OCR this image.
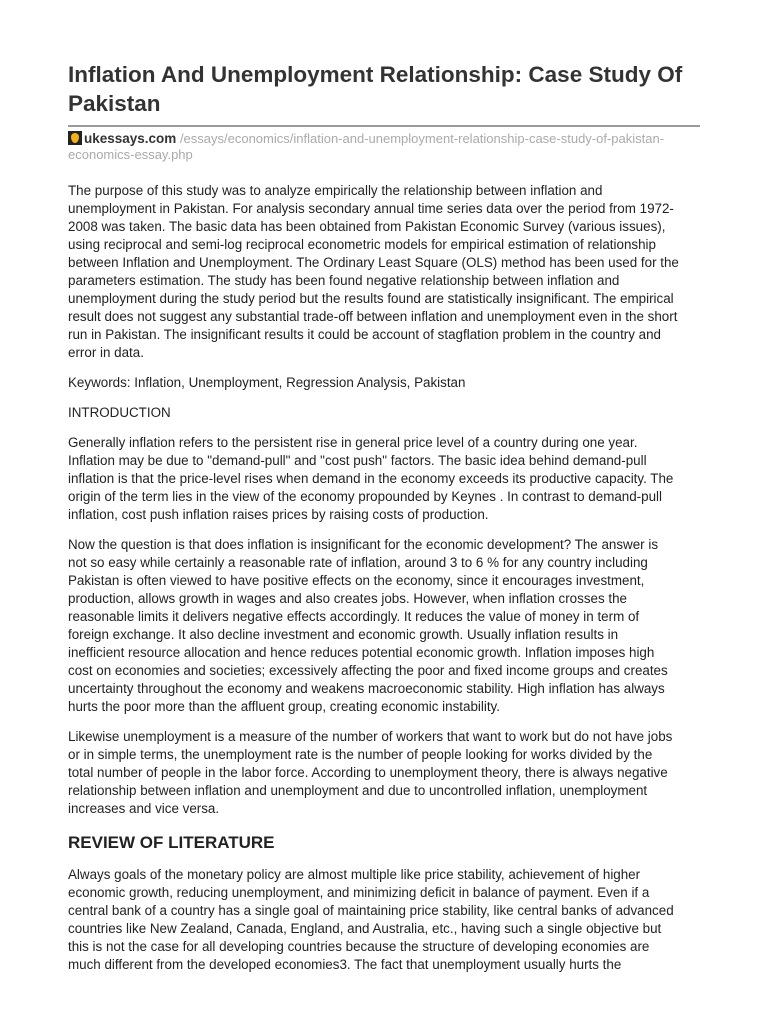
Inflation And Unemployment Relationship: Case Study Of Pakistan
ukessays.com /essays/economics/inflation-and-unemployment-relationship-case-study-of-pakistan-economics-essay.php
The purpose of this study was to analyze empirically the relationship between inflation and
unemployment in Pakistan. For analysis secondary annual time series data over the period from 1972-
2008 was taken. The basic data has been obtained from Pakistan Economic Survey (various issues),
using reciprocal and semi-log reciprocal econometric models for empirical estimation of relationship
between Inflation and Unemployment. The Ordinary Least Square (OLS) method has been used for the
parameters estimation. The study has been found negative relationship between inflation and
unemployment during the study period but the results found are statistically insignificant. The empirical
result does not suggest any substantial trade-off between inflation and unemployment even in the short
run in Pakistan. The insignificant results it could be account of stagflation problem in the country and
error in data.
Keywords: Inflation, Unemployment, Regression Analysis, Pakistan
INTRODUCTION
Generally inflation refers to the persistent rise in general price level of a country during one year.
Inflation may be due to "demand-pull" and "cost push" factors. The basic idea behind demand-pull
inflation is that the price-level rises when demand in the economy exceeds its productive capacity. The
origin of the term lies in the view of the economy propounded by Keynes . In contrast to demand-pull
inflation, cost push inflation raises prices by raising costs of production.
Now the question is that does inflation is insignificant for the economic development? The answer is
not so easy while certainly a reasonable rate of inflation, around 3 to 6 % for any country including
Pakistan is often viewed to have positive effects on the economy, since it encourages investment,
production, allows growth in wages and also creates jobs. However, when inflation crosses the
reasonable limits it delivers negative effects accordingly. It reduces the value of money in term of
foreign exchange. It also decline investment and economic growth. Usually inflation results in
inefficient resource allocation and hence reduces potential economic growth. Inflation imposes high
cost on economies and societies; excessively affecting the poor and fixed income groups and creates
uncertainty throughout the economy and weakens macroeconomic stability. High inflation has always
hurts the poor more than the affluent group, creating economic instability.
Likewise unemployment is a measure of the number of workers that want to work but do not have jobs
or in simple terms, the unemployment rate is the number of people looking for works divided by the
total number of people in the labor force. According to unemployment theory, there is always negative
relationship between inflation and unemployment and due to uncontrolled inflation, unemployment
increases and vice versa.
REVIEW OF LITERATURE
Always goals of the monetary policy are almost multiple like price stability, achievement of higher
economic growth, reducing unemployment, and minimizing deficit in balance of payment. Even if a
central bank of a country has a single goal of maintaining price stability, like central banks of advanced
countries like New Zealand, Canada, England, and Australia, etc., having such a single objective but
this is not the case for all developing countries because the structure of developing economies are
much different from the developed economies3. The fact that unemployment usually hurts the
